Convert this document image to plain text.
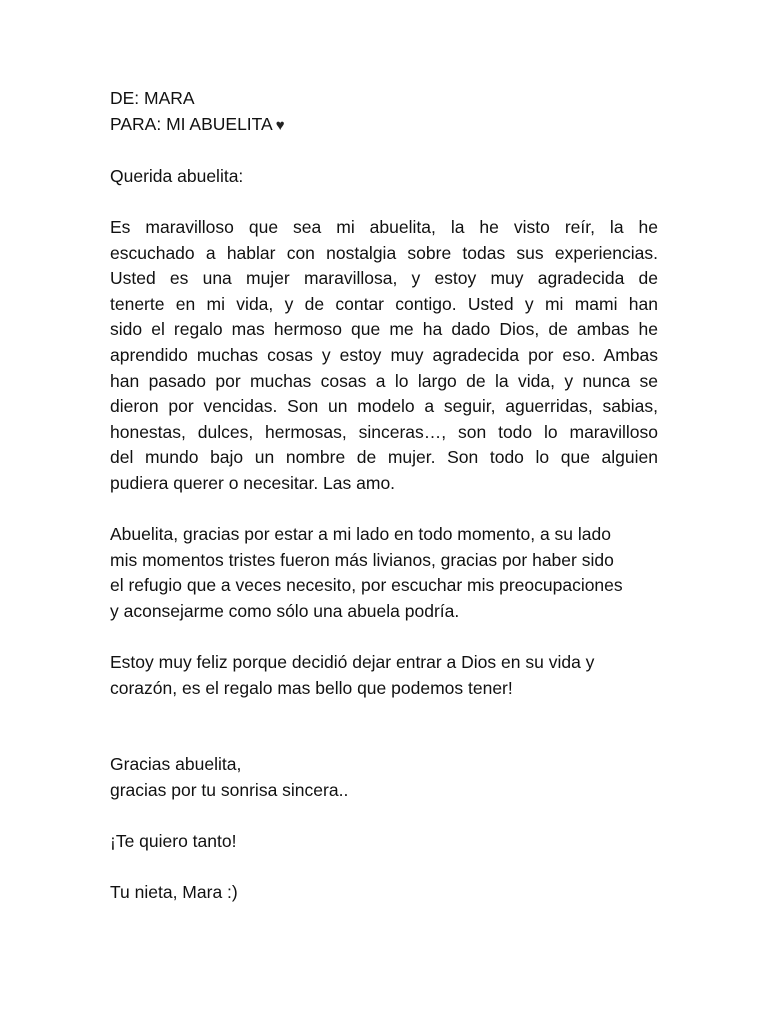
DE: MARA
PARA: MI ABUELITA ♥

Querida abuelita:

Es maravilloso que sea mi abuelita, la he visto reír, la he
escuchado a hablar con nostalgia sobre todas sus experiencias.
Usted es una mujer maravillosa, y estoy muy agradecida de
tenerte en mi vida, y de contar contigo. Usted y mi mami han
sido el regalo mas hermoso que me ha dado Dios, de ambas he
aprendido muchas cosas y estoy muy agradecida por eso. Ambas
han pasado por muchas cosas a lo largo de la vida, y nunca se
dieron por vencidas. Son un modelo a seguir, aguerridas, sabias,
honestas, dulces, hermosas, sinceras…, son todo lo maravilloso
del mundo bajo un nombre de mujer. Son todo lo que alguien
pudiera querer o necesitar. Las amo.
Abuelita, gracias por estar a mi lado en todo momento, a su lado
mis momentos tristes fueron más livianos, gracias por haber sido
el refugio que a veces necesito, por escuchar mis preocupaciones
y aconsejarme como sólo una abuela podría.
Estoy muy feliz porque decidió dejar entrar a Dios en su vida y
corazón, es el regalo mas bello que podemos tener!
Gracias abuelita,
gracias por tu sonrisa sincera..

¡Te quiero tanto!

Tu nieta, Mara :)
